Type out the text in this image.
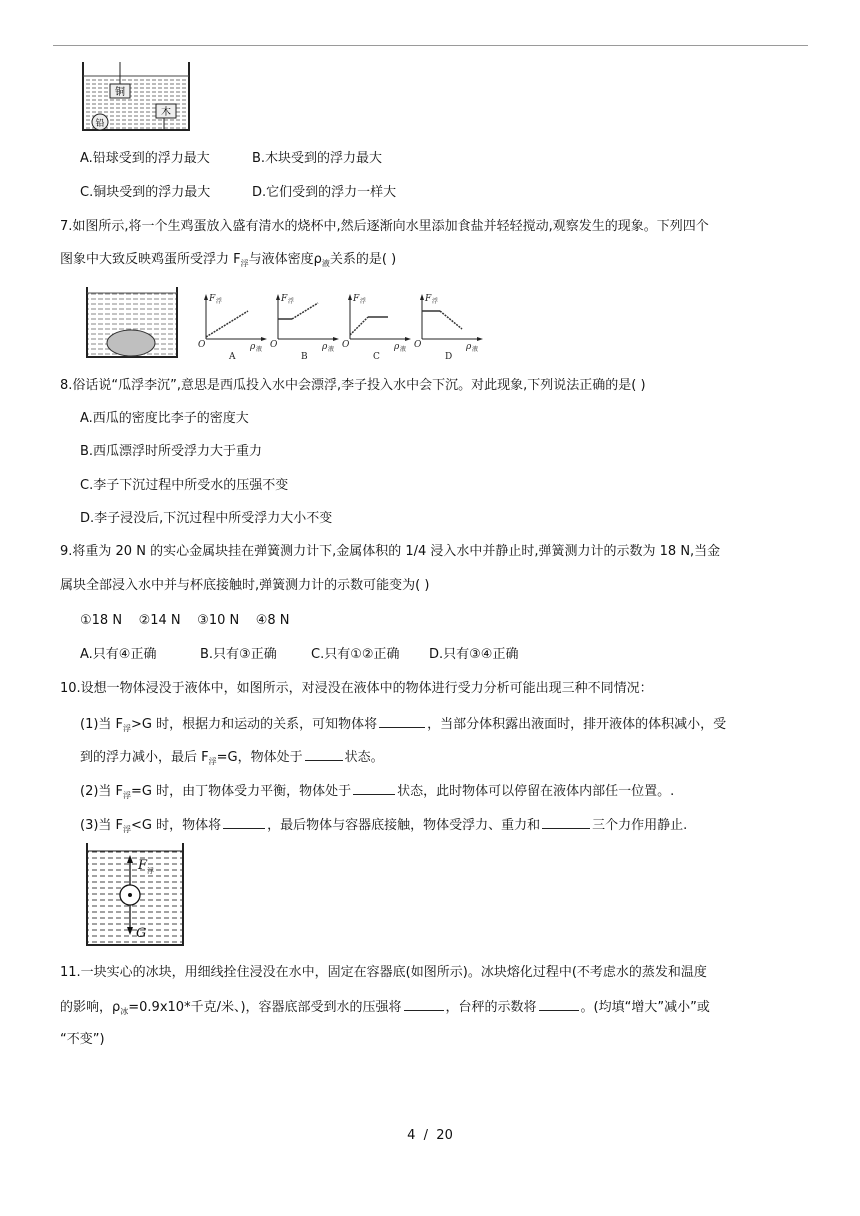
铜
铅
木
A.铅球受到的浮力最大	B.木块受到的浮力最大
C.铜块受到的浮力最大	D.它们受到的浮力一样大
7.如图所示,将一个生鸡蛋放入盛有清水的烧杯中,然后逐渐向水里添加食盐并轻轻搅动,观察发生的现象。下列四个
图象中大致反映鸡蛋所受浮力 $F_浮$与液体密度$\rho_液$关系的是( )
F 浮
O	ρ 液
A
F 浮
O	ρ 液
B
F 浮
O	ρ 液
C
F 浮
O	ρ 液
D
8.俗话说“瓜浮李沉”,意思是西瓜投入水中会漂浮,李子投入水中会下沉。对此现象,下列说法正确的是( )
A.西瓜的密度比李子的密度大
B.西瓜漂浮时所受浮力大于重力
C.李子下沉过程中所受水的压强不变
D.李子浸没后,下沉过程中所受浮力大小不变
9.将重为 20 N 的实心金属块挂在弹簧测力计下,金属体积的 1/4 浸入水中并静止时,弹簧测力计的示数为 18 N,当金
属块全部浸入水中并与杯底接触时,弹簧测力计的示数可能变为( )
①18 N    ②14 N    ③10 N    ④8 N
A.只有④正确	B.只有③正确	C.只有①②正确 D.只有③④正确
10.设想一物体浸没于液体中，如图所示，对浸没在液体中的物体进行受力分析可能出现三种不同情况：
(1)当 $F_浮>G$ 时，根据力和运动的关系，可知物体将	，当部分体积露出液面时，排开液体的体积减小，受
到的浮力减小，最后 $F_浮=G$，物体处于	状态。
(2)当 $F_浮=G$ 时，由丁物体受力平衡，物体处于	状态，此时物体可以停留在液体内部任一位置。.
(3)当 $F_浮<G$ 时，物体将	，最后物体与容器底接触，物体受浮力、重力和	三个力作用静止.
F 浮
G
11.一块实心的冰块，用细线拴住浸没在水中，固定在容器底(如图所示)。冰块熔化过程中(不考虑水的蒸发和温度
的影响，$\rho_冰=0.9x10*$千克/米、)，容器底部受到水的压强将	，台秤的示数将	。(均填“增大”减小”或
“不变”)
4  /  20
